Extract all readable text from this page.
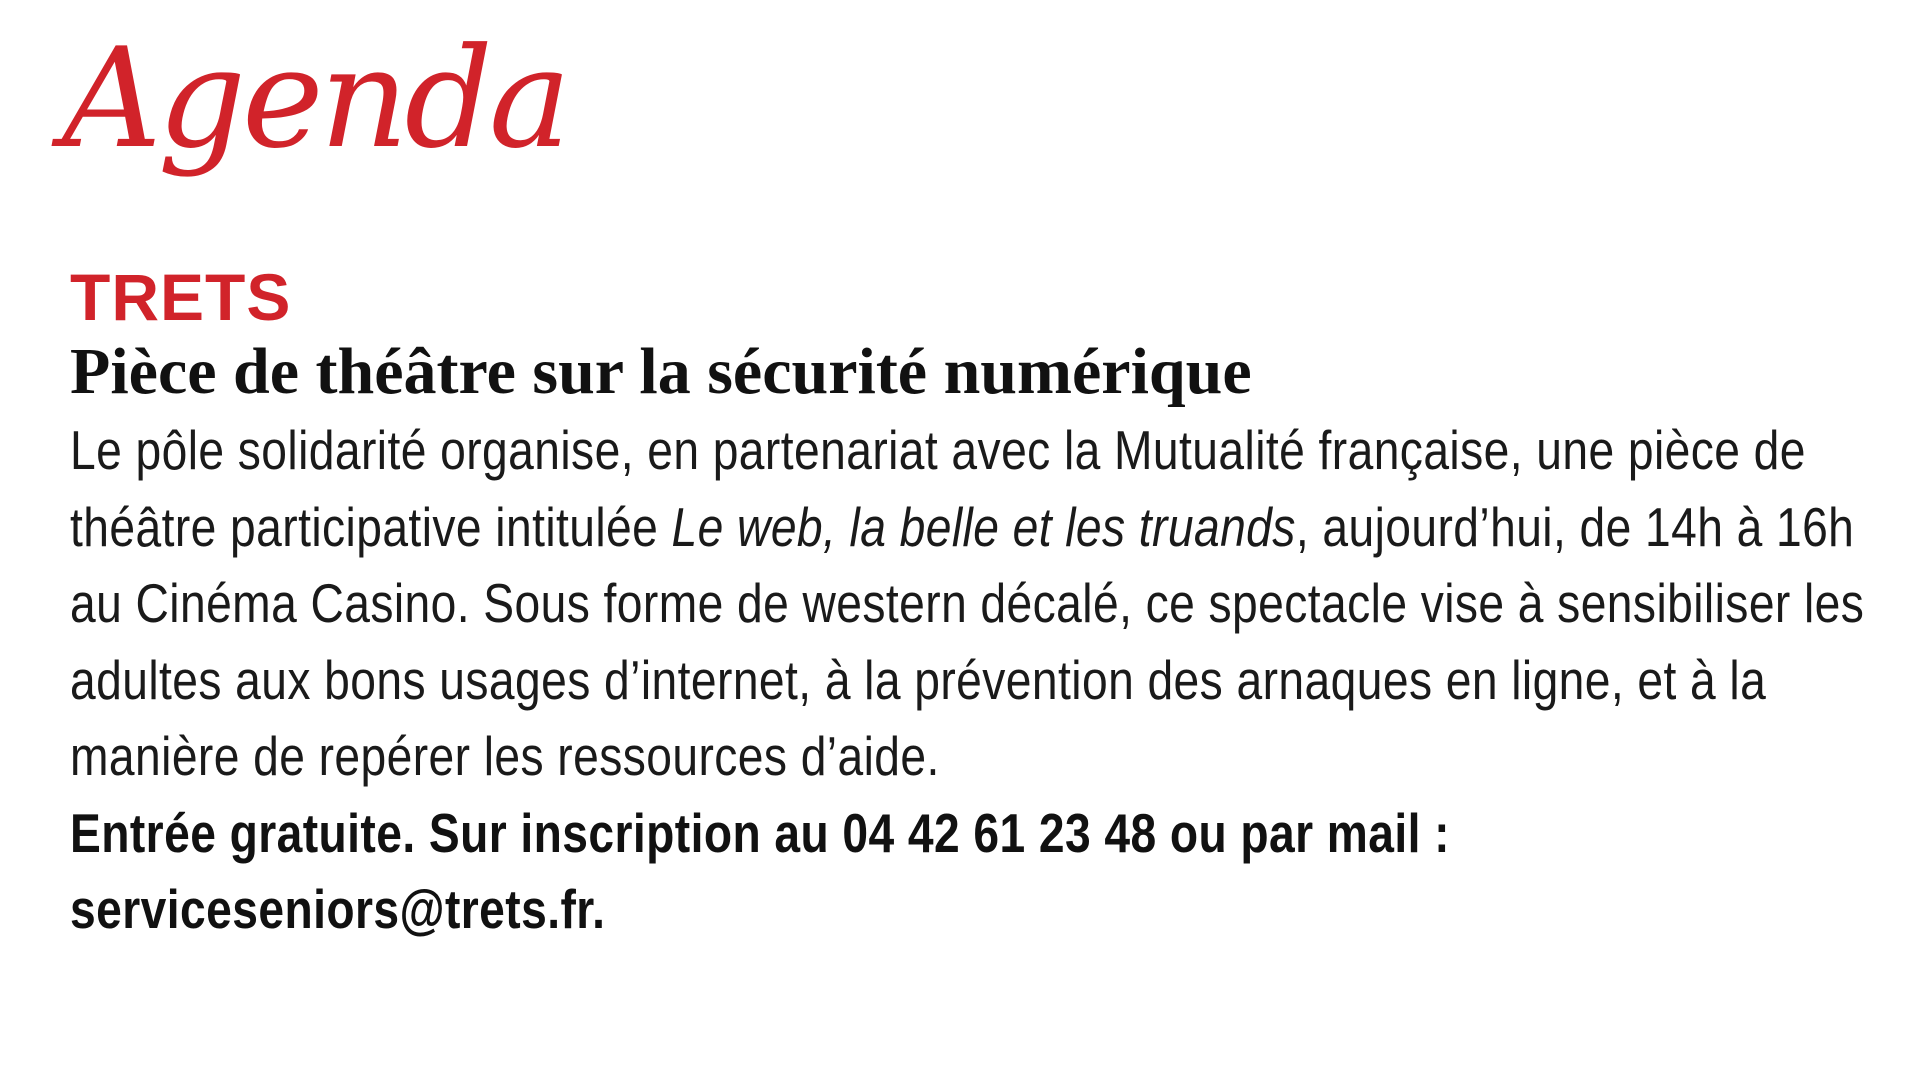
Agenda

TRETS

Pièce de théâtre sur la sécurité numérique

Le pôle solidarité organise, en partenariat avec la Mutualité française, une pièce de théâtre participative intitulée Le web, la belle et les truands, aujourd’hui, de 14h à 16h au Cinéma Casino. Sous forme de western décalé, ce spectacle vise à sensibiliser les adultes aux bons usages d’internet, à la prévention des arnaques en ligne, et à la manière de repérer les ressources d’aide.
Entrée gratuite. Sur inscription au 04 42 61 23 48 ou par mail : serviceseniors@trets.fr.
